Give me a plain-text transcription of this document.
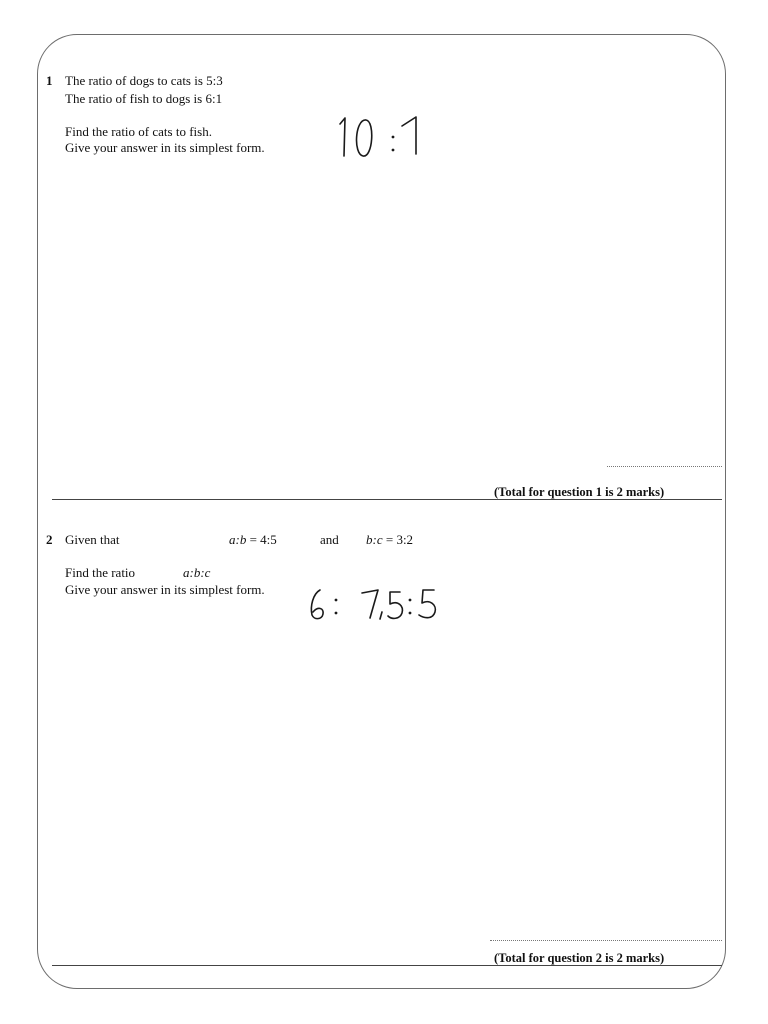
1 The ratio of dogs to cats is 5:3
The ratio of fish to dogs is 6:1
Find the ratio of cats to fish.
Give your answer in its simplest form.
(Total for question 1 is 2 marks)
2 Given that	a:b = 4:5	and b:c = 3:2
Find the ratio	a:b:c
Give your answer in its simplest form.
(Total for question 2 is 2 marks)
